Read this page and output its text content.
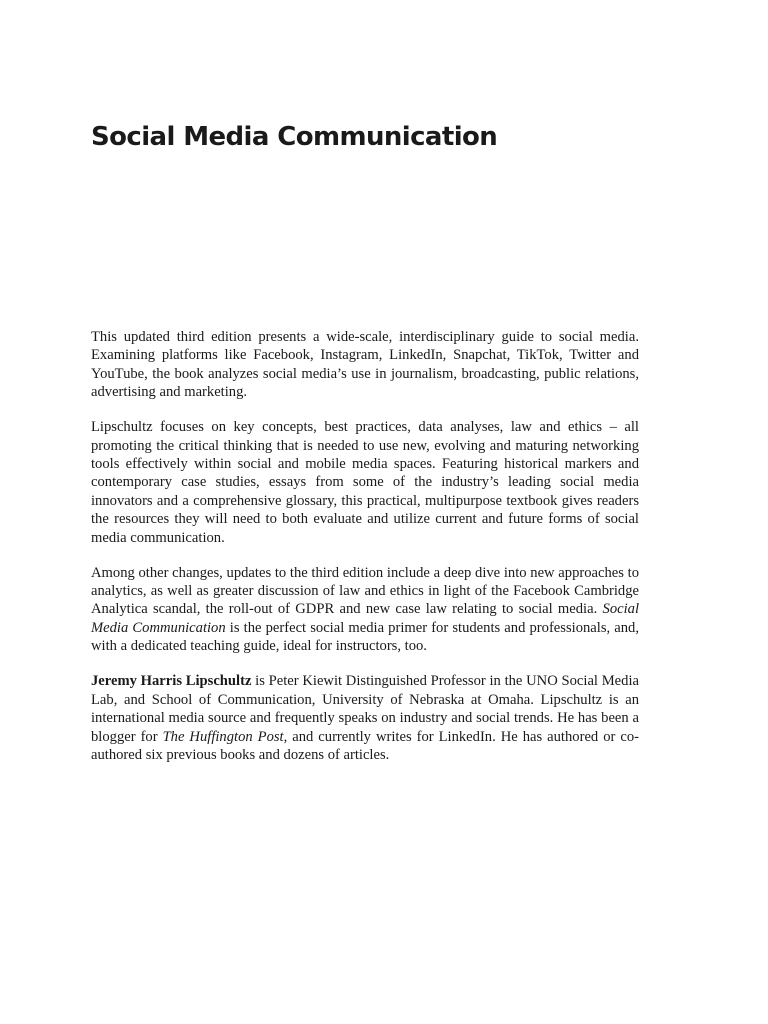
Social Media Communication

This updated third edition presents a wide-scale, interdisciplinary guide to social media. Examining platforms like Facebook, Instagram, LinkedIn, Snapchat, TikTok, Twitter and YouTube, the book analyzes social media’s use in journalism, broadcasting, public relations, advertising and marketing.

Lipschultz focuses on key concepts, best practices, data analyses, law and ethics – all promoting the critical thinking that is needed to use new, evolving and maturing networking tools effectively within social and mobile media spaces. Featuring historical markers and contemporary case studies, essays from some of the industry’s leading social media innovators and a comprehensive glossary, this practical, multipurpose textbook gives readers the resources they will need to both evaluate and utilize current and future forms of social media communication.

Among other changes, updates to the third edition include a deep dive into new approaches to analytics, as well as greater discussion of law and ethics in light of the Facebook Cambridge Analytica scandal, the roll-out of GDPR and new case law relating to social media. Social Media Communication is the perfect social media primer for students and professionals, and, with a dedicated teaching guide, ideal for instructors, too.

Jeremy Harris Lipschultz is Peter Kiewit Distinguished Professor in the UNO Social Media Lab, and School of Communication, University of Nebraska at Omaha. Lipschultz is an international media source and frequently speaks on industry and social trends. He has been a blogger for The Huffington Post, and currently writes for LinkedIn. He has authored or co-authored six previous books and dozens of articles.
